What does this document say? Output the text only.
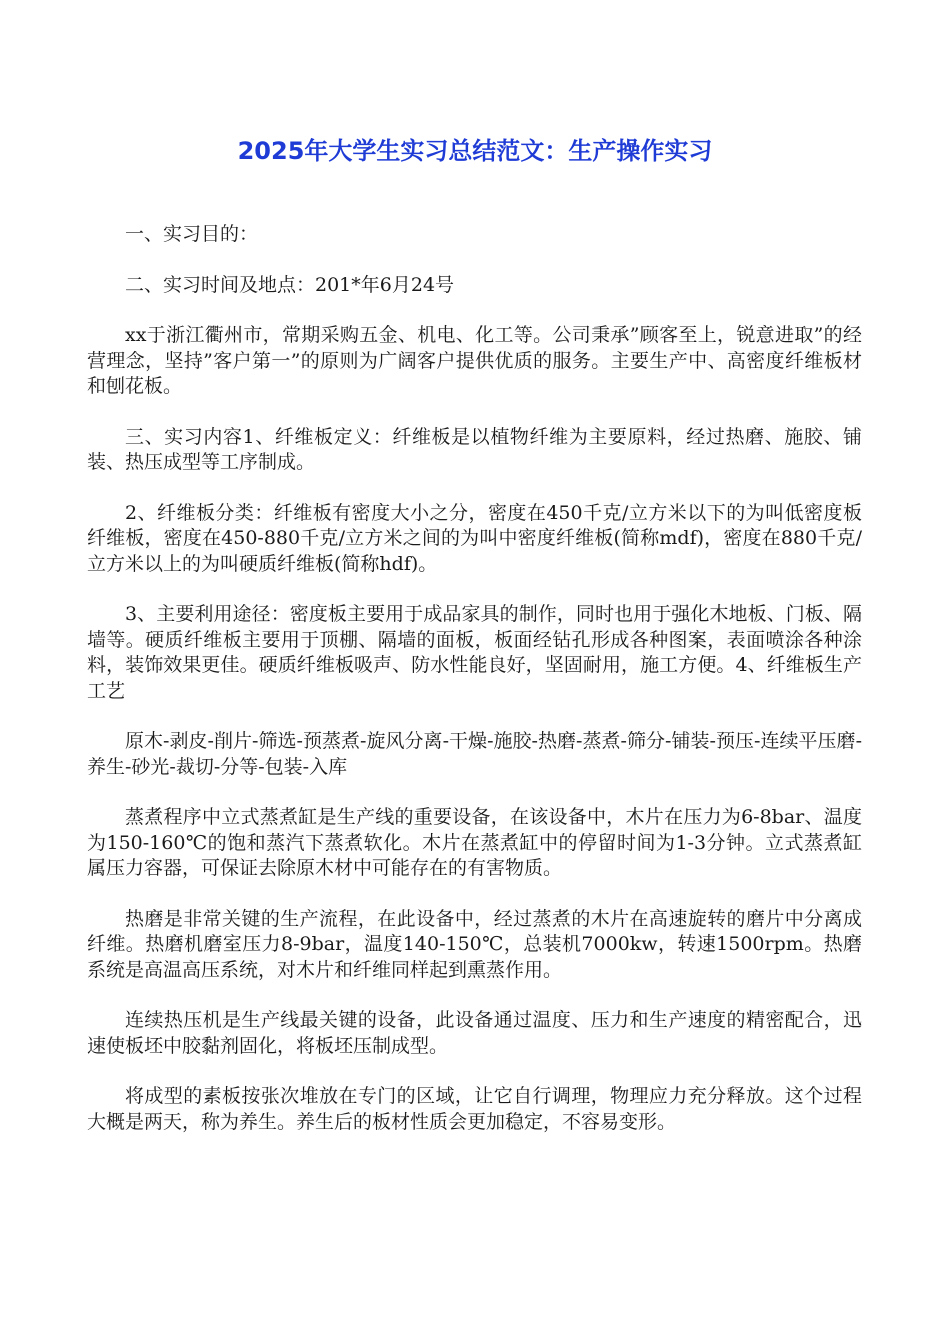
2025年大学生实习总结范文：生产操作实习

一、实习目的：

二、实习时间及地点：201*年6月24号

xx于浙江衢州市，常期采购五金、机电、化工等。公司秉承”顾客至上，锐意进取”的经营理念，坚持”客户第一”的原则为广阔客户提供优质的服务。主要生产中、高密度纤维板材和刨花板。

三、实习内容1、纤维板定义：纤维板是以植物纤维为主要原料，经过热磨、施胶、铺装、热压成型等工序制成。

2、纤维板分类：纤维板有密度大小之分，密度在450千克/立方米以下的为叫低密度板纤维板，密度在450-880千克/立方米之间的为叫中密度纤维板(简称mdf)，密度在880千克/立方米以上的为叫硬质纤维板(简称hdf)。

3、主要利用途径：密度板主要用于成品家具的制作，同时也用于强化木地板、门板、隔墙等。硬质纤维板主要用于顶棚、隔墙的面板，板面经钻孔形成各种图案，表面喷涂各种涂料，装饰效果更佳。硬质纤维板吸声、防水性能良好，坚固耐用，施工方便。4、纤维板生产工艺

原木-剥皮-削片-筛选-预蒸煮-旋风分离-干燥-施胶-热磨-蒸煮-筛分-铺装-预压-连续平压磨-养生-砂光-裁切-分等-包装-入库

蒸煮程序中立式蒸煮缸是生产线的重要设备，在该设备中，木片在压力为6-8bar、温度为150-160℃的饱和蒸汽下蒸煮软化。木片在蒸煮缸中的停留时间为1-3分钟。立式蒸煮缸属压力容器，可保证去除原木材中可能存在的有害物质。

热磨是非常关键的生产流程，在此设备中，经过蒸煮的木片在高速旋转的磨片中分离成纤维。热磨机磨室压力8-9bar，温度140-150℃，总装机7000kw，转速1500rpm。热磨系统是高温高压系统，对木片和纤维同样起到熏蒸作用。

连续热压机是生产线最关键的设备，此设备通过温度、压力和生产速度的精密配合，迅速使板坯中胶黏剂固化，将板坯压制成型。

将成型的素板按张次堆放在专门的区域，让它自行调理，物理应力充分释放。这个过程大概是两天，称为养生。养生后的板材性质会更加稳定，不容易变形。
